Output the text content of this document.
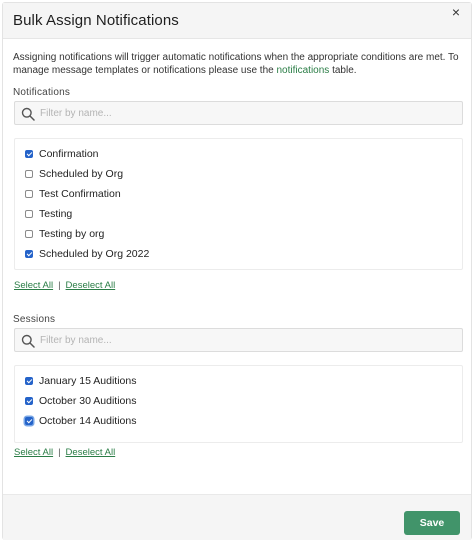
Bulk Assign Notifications	×
Assigning notifications will trigger automatic notifications when the appropriate conditions are met. To manage message templates or notifications please use the notifications table.
Notifications
Filter by name...
Confirmation
Scheduled by Org
Test Confirmation
Testing
Testing by org
Scheduled by Org 2022
Select All | Deselect All
Sessions
Filter by name...
January 15 Auditions
October 30 Auditions
October 14 Auditions
Select All | Deselect All
Save
